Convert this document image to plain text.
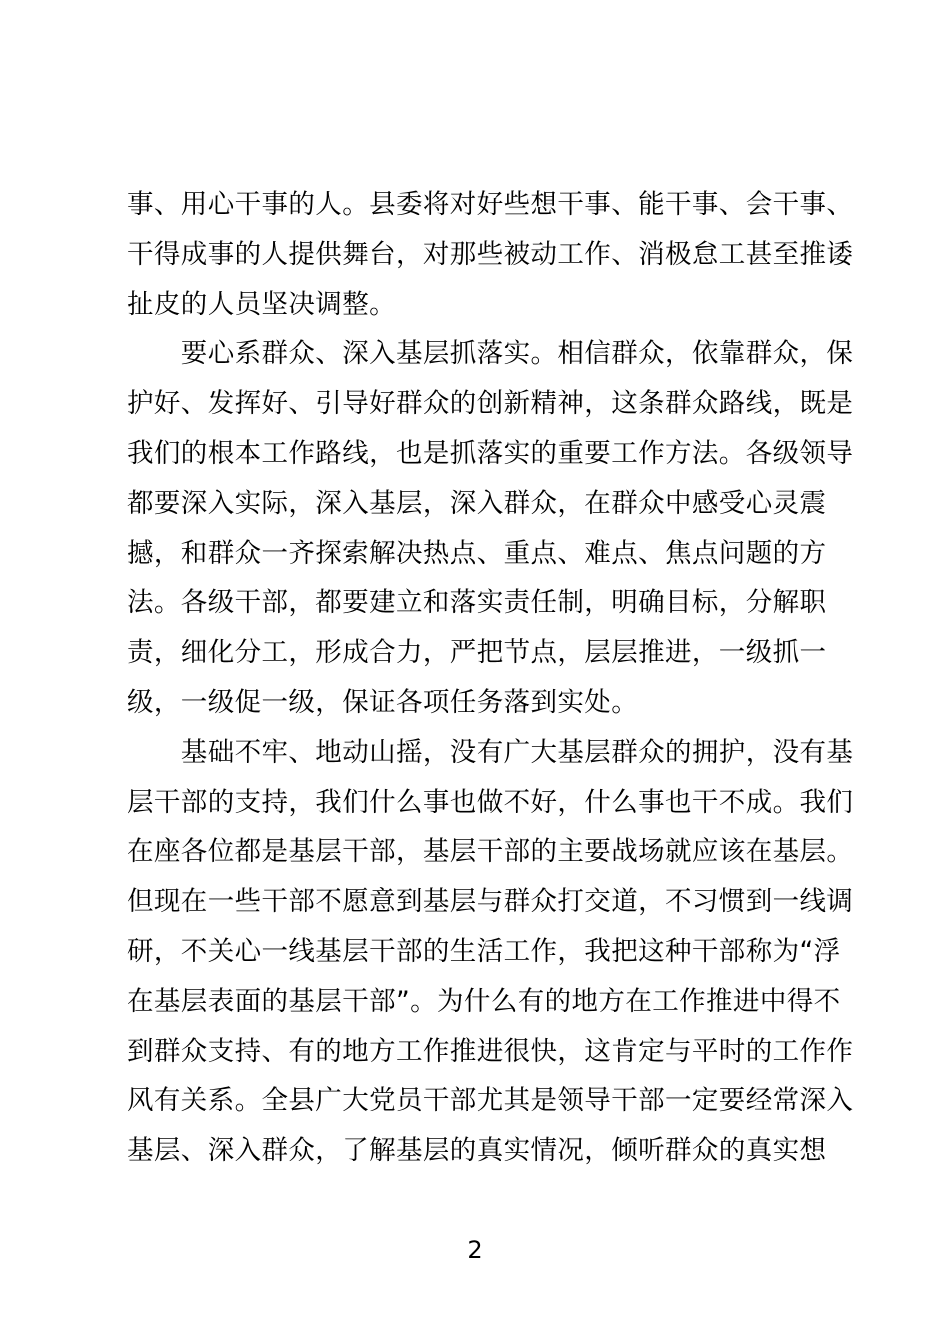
事、用心干事的人。县委将对好些想干事、能干事、会干事、
干得成事的人提供舞台，对那些被动工作、消极怠工甚至推诿
扯皮的人员坚决调整。
　　要心系群众、深入基层抓落实。相信群众，依靠群众，保
护好、发挥好、引导好群众的创新精神，这条群众路线，既是
我们的根本工作路线，也是抓落实的重要工作方法。各级领导
都要深入实际，深入基层，深入群众，在群众中感受心灵震
撼，和群众一齐探索解决热点、重点、难点、焦点问题的方
法。各级干部，都要建立和落实责任制，明确目标，分解职
责，细化分工，形成合力，严把节点，层层推进，一级抓一
级，一级促一级，保证各项任务落到实处。
　　基础不牢、地动山摇，没有广大基层群众的拥护，没有基
层干部的支持，我们什么事也做不好，什么事也干不成。我们
在座各位都是基层干部，基层干部的主要战场就应该在基层。
但现在一些干部不愿意到基层与群众打交道，不习惯到一线调
研，不关心一线基层干部的生活工作，我把这种干部称为“浮
在基层表面的基层干部”。为什么有的地方在工作推进中得不
到群众支持、有的地方工作推进很快，这肯定与平时的工作作
风有关系。全县广大党员干部尤其是领导干部一定要经常深入
基层、深入群众，了解基层的真实情况，倾听群众的真实想
2
